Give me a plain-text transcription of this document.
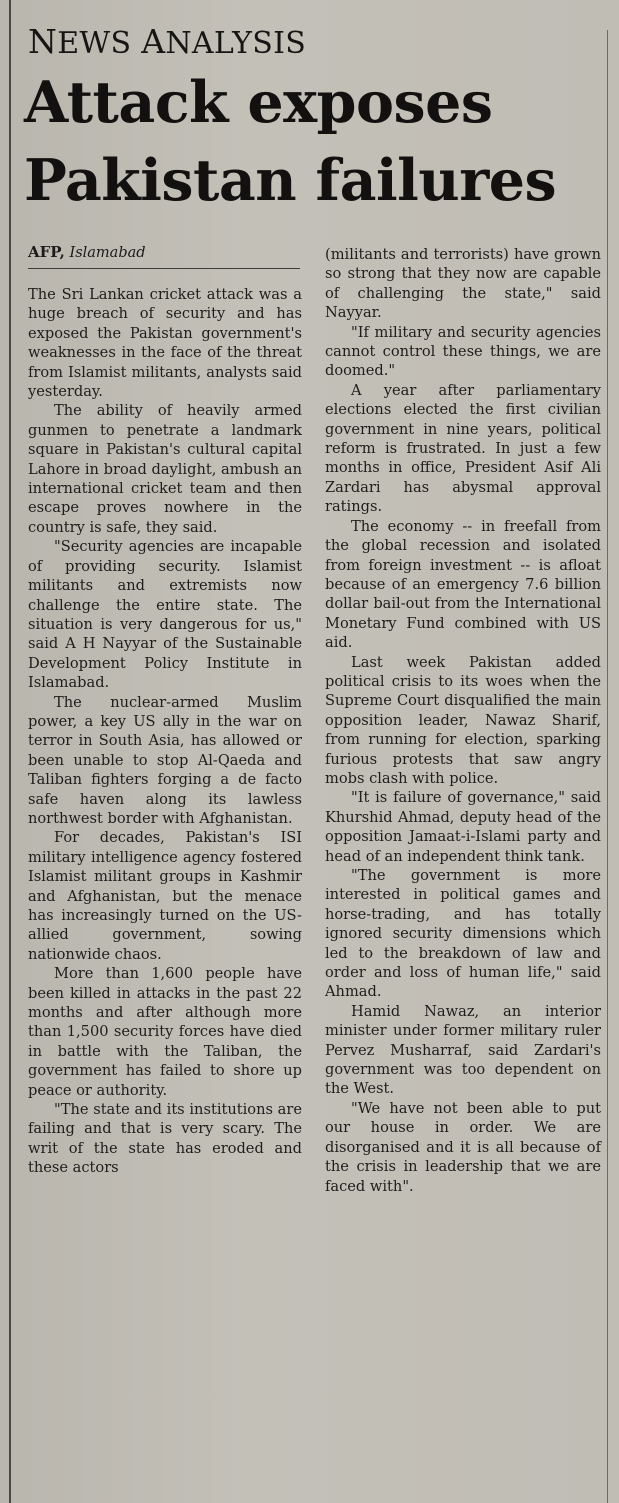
NEWS ANALYSIS
Attack exposes
Pakistan failures
AFP, Islamabad

The Sri Lankan cricket attack was a huge breach of security and has exposed the Pakistan government's weaknesses in the face of the threat from Islamist militants, analysts said yesterday.

The ability of heavily armed gunmen to penetrate a landmark square in Pakistan's cultural capital Lahore in broad daylight, ambush an international cricket team and then escape proves nowhere in the country is safe, they said.

"Security agencies are incapable of providing security. Islamist militants and extremists now challenge the entire state. The situation is very dangerous for us," said A H Nayyar of the Sustainable Development Policy Institute in Islamabad.

The nuclear-armed Muslim power, a key US ally in the war on terror in South Asia, has allowed or been unable to stop Al-Qaeda and Taliban fighters forging a de facto safe haven along its lawless northwest border with Afghanistan.

For decades, Pakistan's ISI military intelligence agency fostered Islamist militant groups in Kashmir and Afghanistan, but the menace has increasingly turned on the US-allied government, sowing nationwide chaos.

More than 1,600 people have been killed in attacks in the past 22 months and after although more than 1,500 security forces have died in battle with the Taliban, the government has failed to shore up peace or authority.

"The state and its institutions are failing and that is very scary. The writ of the state has eroded and these actors

(militants and terrorists) have grown so strong that they now are capable of challenging the state," said Nayyar.

"If military and security agencies cannot control these things, we are doomed."

A year after parliamentary elections elected the first civilian government in nine years, political reform is frustrated. In just a few months in office, President Asif Ali Zardari has abysmal approval ratings.

The economy -- in freefall from the global recession and isolated from foreign investment -- is afloat because of an emergency 7.6 billion dollar bail-out from the International Monetary Fund combined with US aid.

Last week Pakistan added political crisis to its woes when the Supreme Court disqualified the main opposition leader, Nawaz Sharif, from running for election, sparking furious protests that saw angry mobs clash with police.

"It is failure of governance," said Khurshid Ahmad, deputy head of the opposition Jamaat-i-Islami party and head of an independent think tank.

"The government is more interested in political games and horse-trading, and has totally ignored security dimensions which led to the breakdown of law and order and loss of human life," said Ahmad.

Hamid Nawaz, an interior minister under former military ruler Pervez Musharraf, said Zardari's government was too dependent on the West.

"We have not been able to put our house in order. We are disorganised and it is all because of the crisis in leadership that we are faced with".
